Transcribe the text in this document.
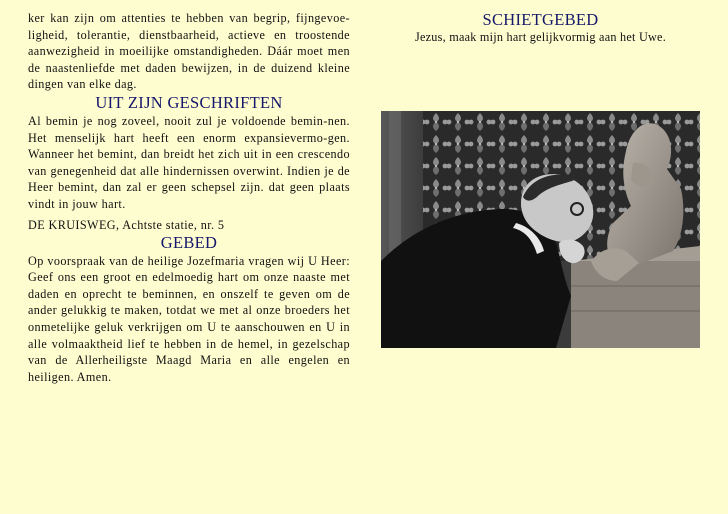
ker kan zijn om attenties te hebben van begrip, fijngevoe-ligheid, tolerantie, dienstbaarheid, actieve en troostende aanwezigheid in moeilijke omstandigheden. Dáár moet men de naastenliefde met daden bewijzen, in de duizend kleine dingen van elke dag.

UIT ZIJN GESCHRIFTEN

Al bemin je nog zoveel, nooit zul je voldoende bemin-nen. Het menselijk hart heeft een enorm expansievermo-gen. Wanneer het bemint, dan breidt het zich uit in een crescendo van genegenheid dat alle hindernissen overwint. Indien je de Heer bemint, dan zal er geen schepsel zijn. dat geen plaats vindt in jouw hart.

DE KRUISWEG, Achtste statie, nr. 5
GEBED

Op voorspraak van de heilige Jozefmaria vragen wij U Heer: Geef ons een groot en edelmoedig hart om onze naaste met daden en oprecht te beminnen, en onszelf te geven om de ander gelukkig te maken, totdat we met al onze broeders het onmetelijke geluk verkrijgen om U te aanschouwen en U in alle volmaaktheid lief te hebben in de hemel, in gezelschap van de Allerheiligste Maagd Maria en alle engelen en heiligen. Amen.

SCHIETGEBED

Jezus, maak mijn hart gelijkvormig aan het Uwe.
